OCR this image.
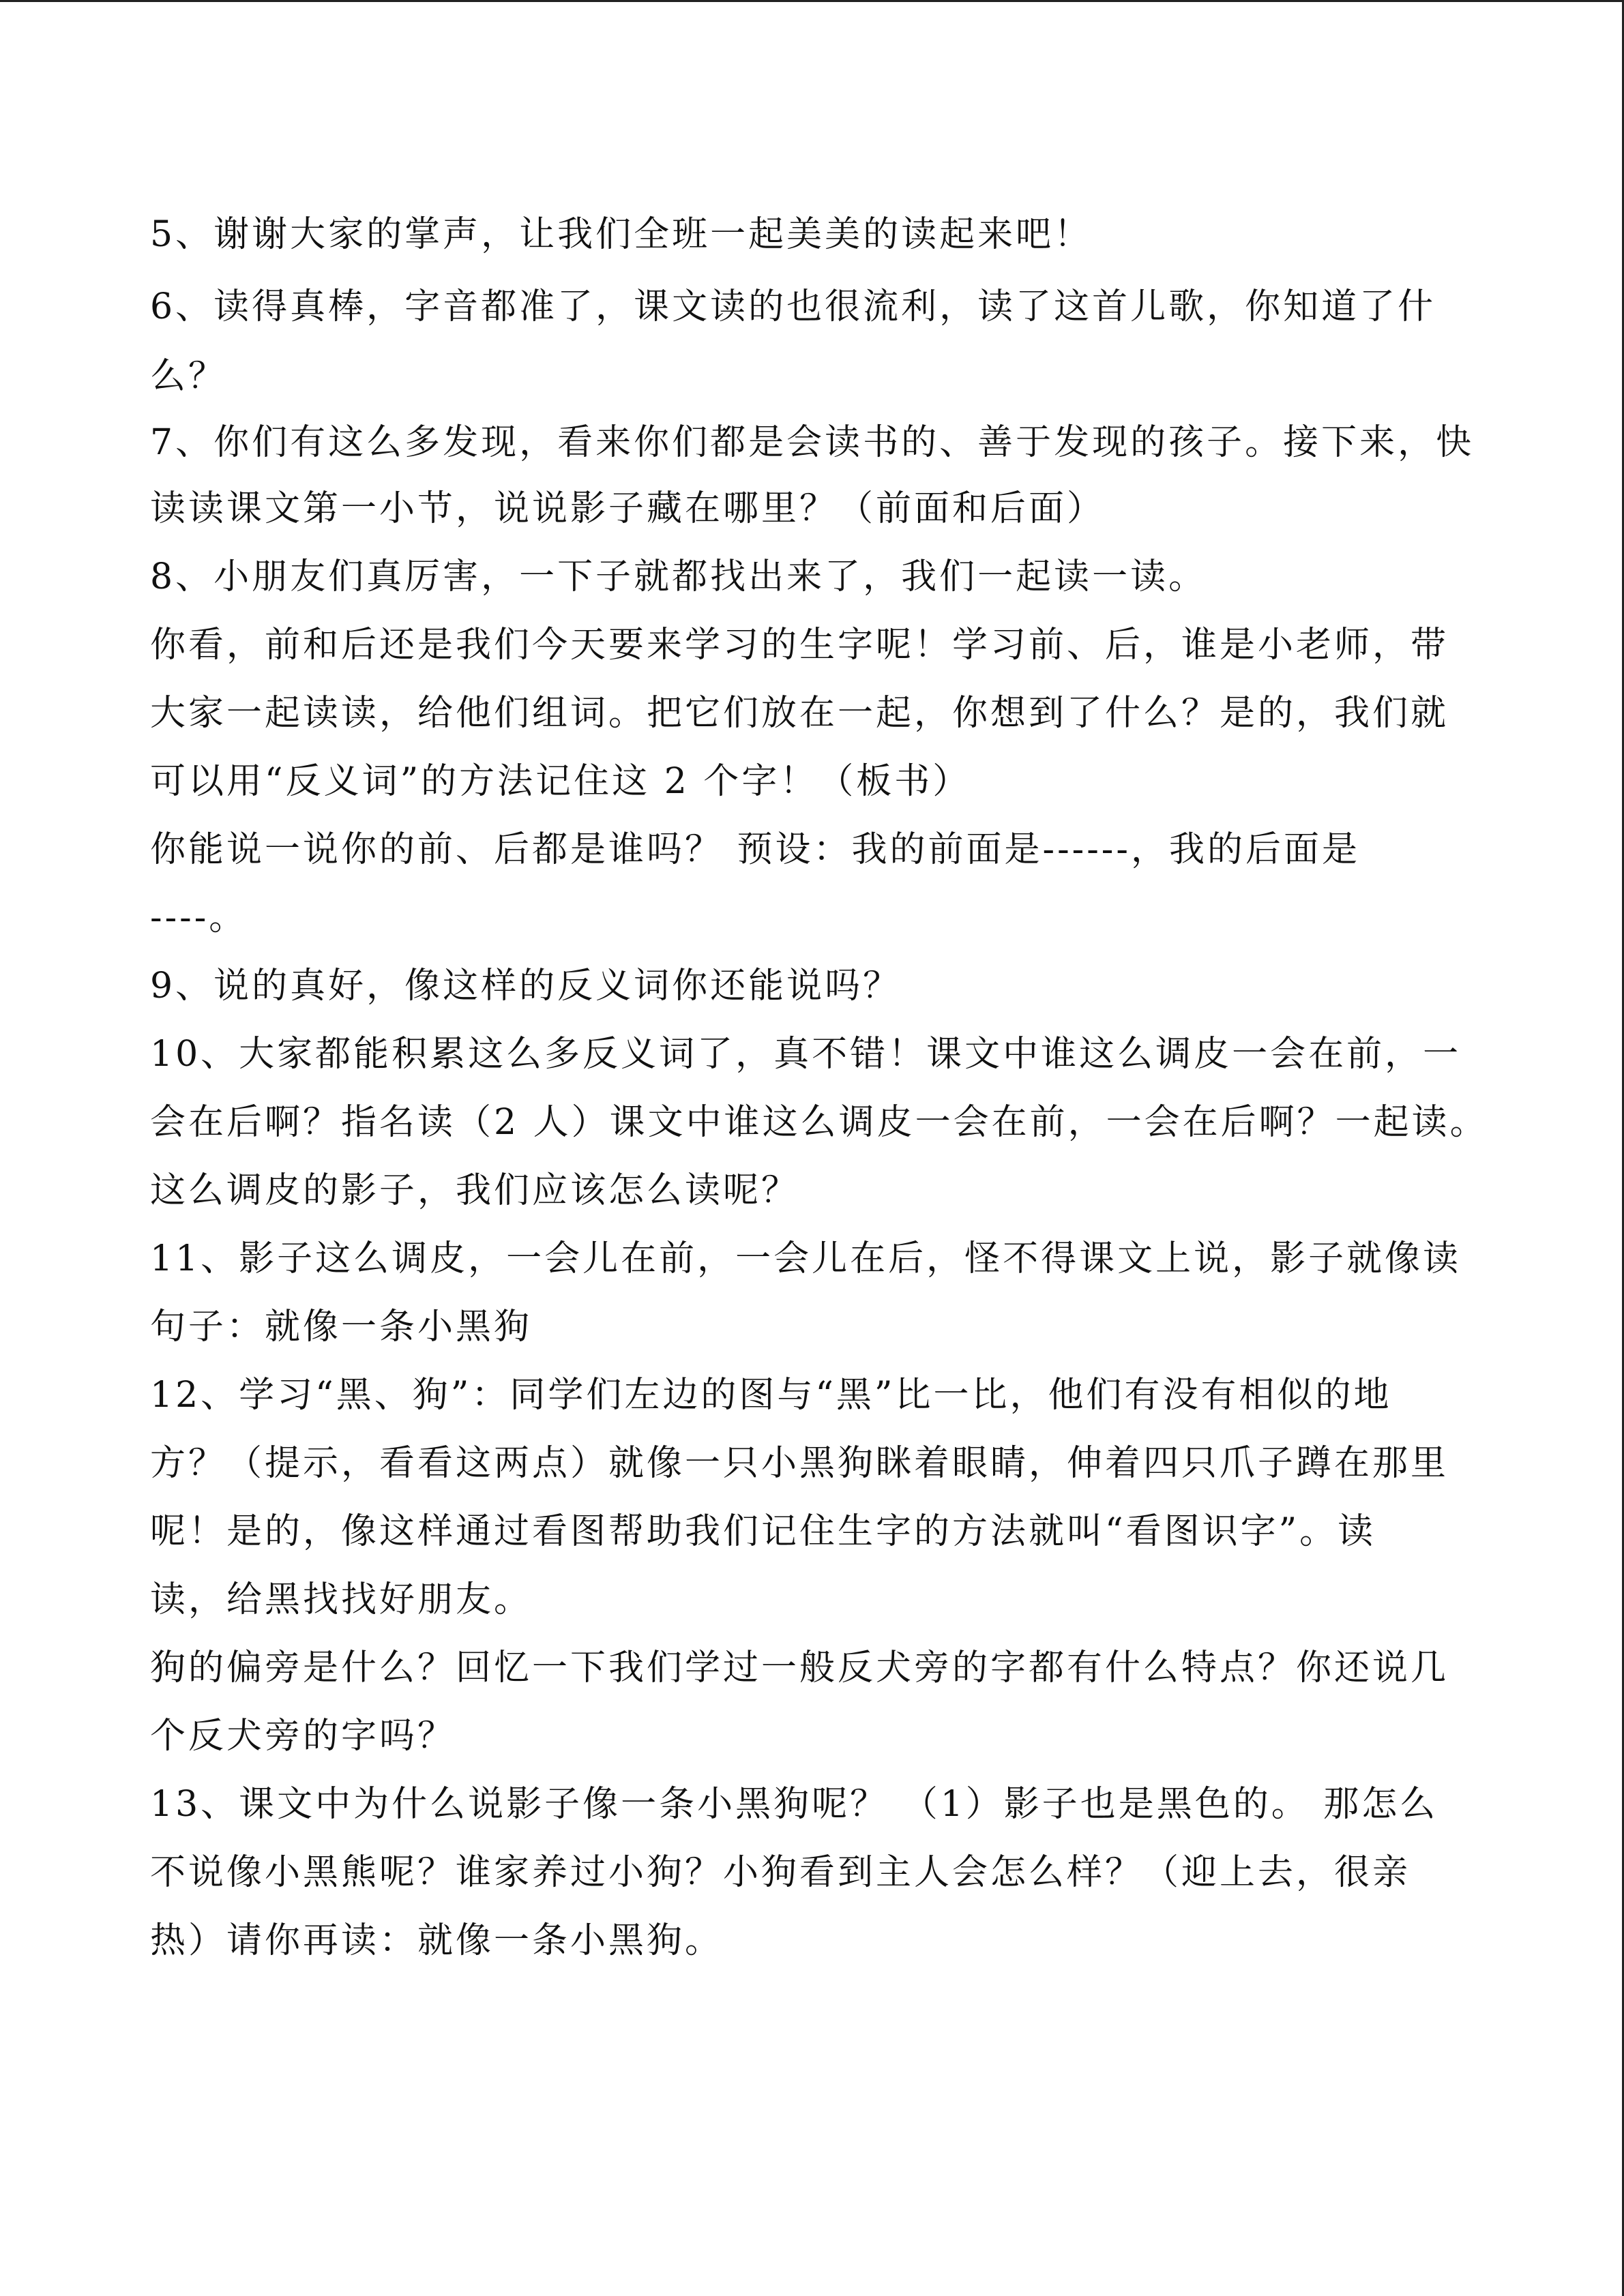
5、谢谢大家的掌声，让我们全班一起美美的读起来吧！
6、读得真棒，字音都准了，课文读的也很流利，读了这首儿歌，你知道了什
么？
7、你们有这么多发现，看来你们都是会读书的、善于发现的孩子。接下来，快
读读课文第一小节，说说影子藏在哪里？（前面和后面）
8、小朋友们真厉害，一下子就都找出来了，我们一起读一读。
你看，前和后还是我们今天要来学习的生字呢！学习前、后，谁是小老师，带
大家一起读读，给他们组词。把它们放在一起，你想到了什么？是的，我们就
可以用“反义词”的方法记住这 2 个字！（板书）
你能说一说你的前、后都是谁吗？ 预设：我的前面是------，我的后面是
----。
9、说的真好，像这样的反义词你还能说吗？
10、大家都能积累这么多反义词了，真不错！课文中谁这么调皮一会在前，一
会在后啊？指名读（2 人）课文中谁这么调皮一会在前，一会在后啊？一起读。
这么调皮的影子，我们应该怎么读呢？
11、影子这么调皮，一会儿在前，一会儿在后，怪不得课文上说，影子就像⁠⁠读
句子：就像一条小黑狗
12、学习“黑、狗”：同学们左边的图与“黑”比一比，他们有没有相似的地
方？（提示，看看这两点）就像一只小黑狗眯着眼睛，伸着四只爪子蹲在那里
呢！是的，像这样通过看图帮助我们记住生字的方法就叫“看图识字”。读
读，给黑找找好朋友。
狗的偏旁是什么？回忆一下我们学过一般反犬旁的字都有什么特点？你还说几
个反犬旁的字吗？
13、课文中为什么说影子像一条小黑狗呢？ （1）影子也是黑色的。 那怎么
不说像小黑熊呢？谁家养过小狗？小狗看到主人会怎么样？（迎上去，很亲
热）请你再读：就像一条小黑狗。
